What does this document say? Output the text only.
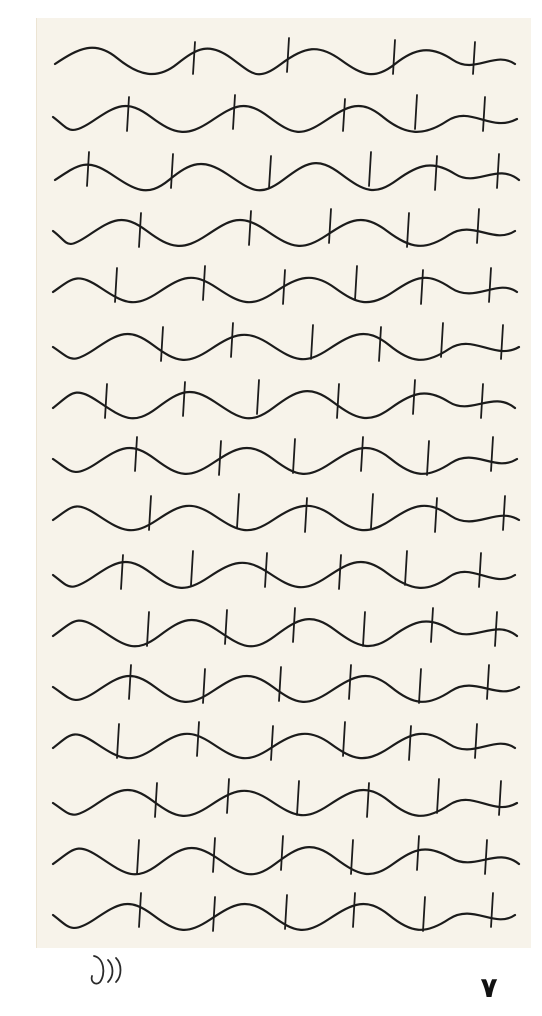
٧
